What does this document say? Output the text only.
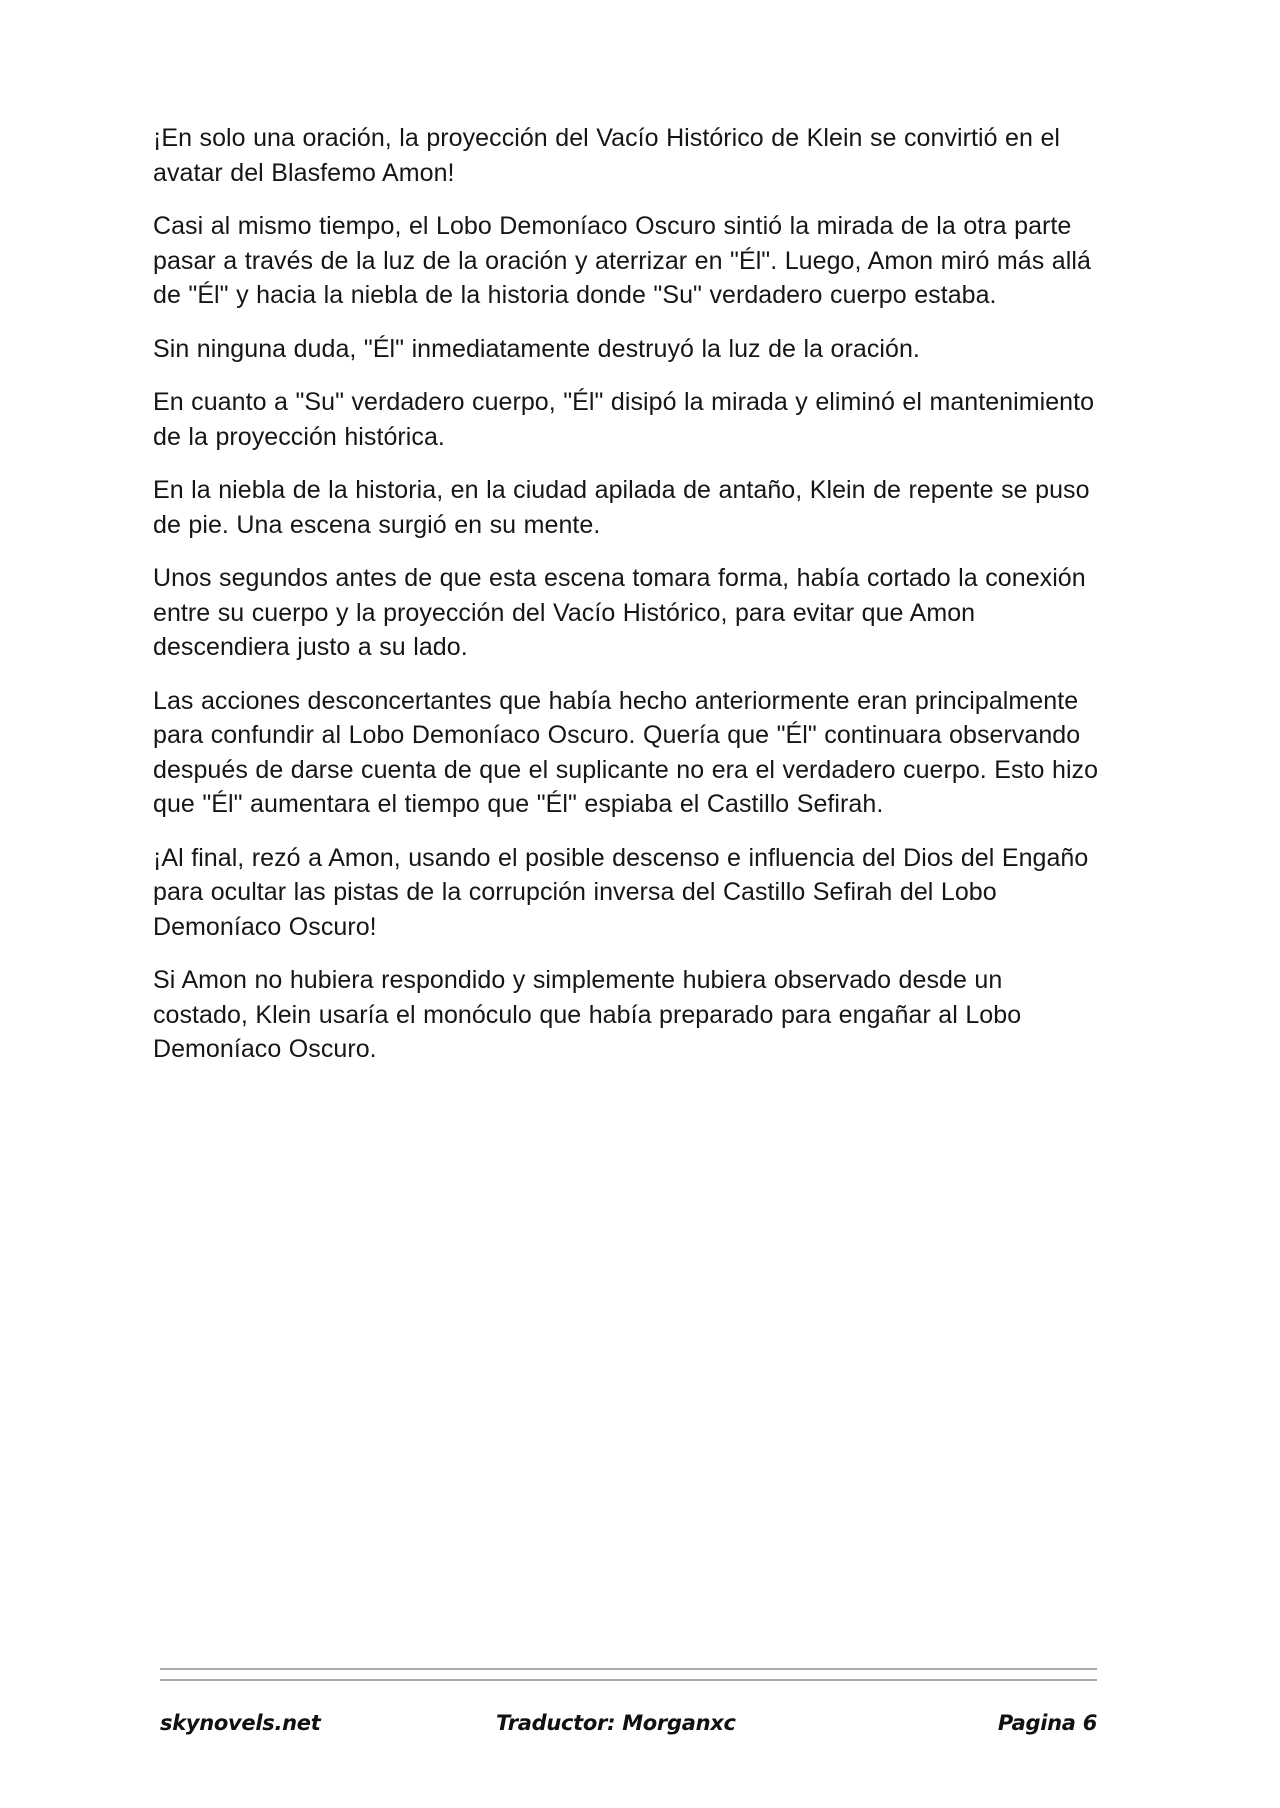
¡En solo una oración, la proyección del Vacío Histórico de Klein se convirtió en el avatar del Blasfemo Amon!

Casi al mismo tiempo, el Lobo Demoníaco Oscuro sintió la mirada de la otra parte pasar a través de la luz de la oración y aterrizar en "Él". Luego, Amon miró más allá de "Él" y hacia la niebla de la historia donde "Su" verdadero cuerpo estaba.

Sin ninguna duda, "Él" inmediatamente destruyó la luz de la oración.

En cuanto a "Su" verdadero cuerpo, "Él" disipó la mirada y eliminó el mantenimiento de la proyección histórica.

En la niebla de la historia, en la ciudad apilada de antaño, Klein de repente se puso de pie. Una escena surgió en su mente.

Unos segundos antes de que esta escena tomara forma, había cortado la conexión entre su cuerpo y la proyección del Vacío Histórico, para evitar que Amon descendiera justo a su lado.

Las acciones desconcertantes que había hecho anteriormente eran principalmente para confundir al Lobo Demoníaco Oscuro. Quería que "Él" continuara observando después de darse cuenta de que el suplicante no era el verdadero cuerpo. Esto hizo que "Él" aumentara el tiempo que "Él" espiaba el Castillo Sefirah.

¡Al final, rezó a Amon, usando el posible descenso e influencia del Dios del Engaño para ocultar las pistas de la corrupción inversa del Castillo Sefirah del Lobo Demoníaco Oscuro!

Si Amon no hubiera respondido y simplemente hubiera observado desde un costado, Klein usaría el monóculo que había preparado para engañar al Lobo Demoníaco Oscuro.

skynovels.net	Traductor: Morganxc	Pagina 6
